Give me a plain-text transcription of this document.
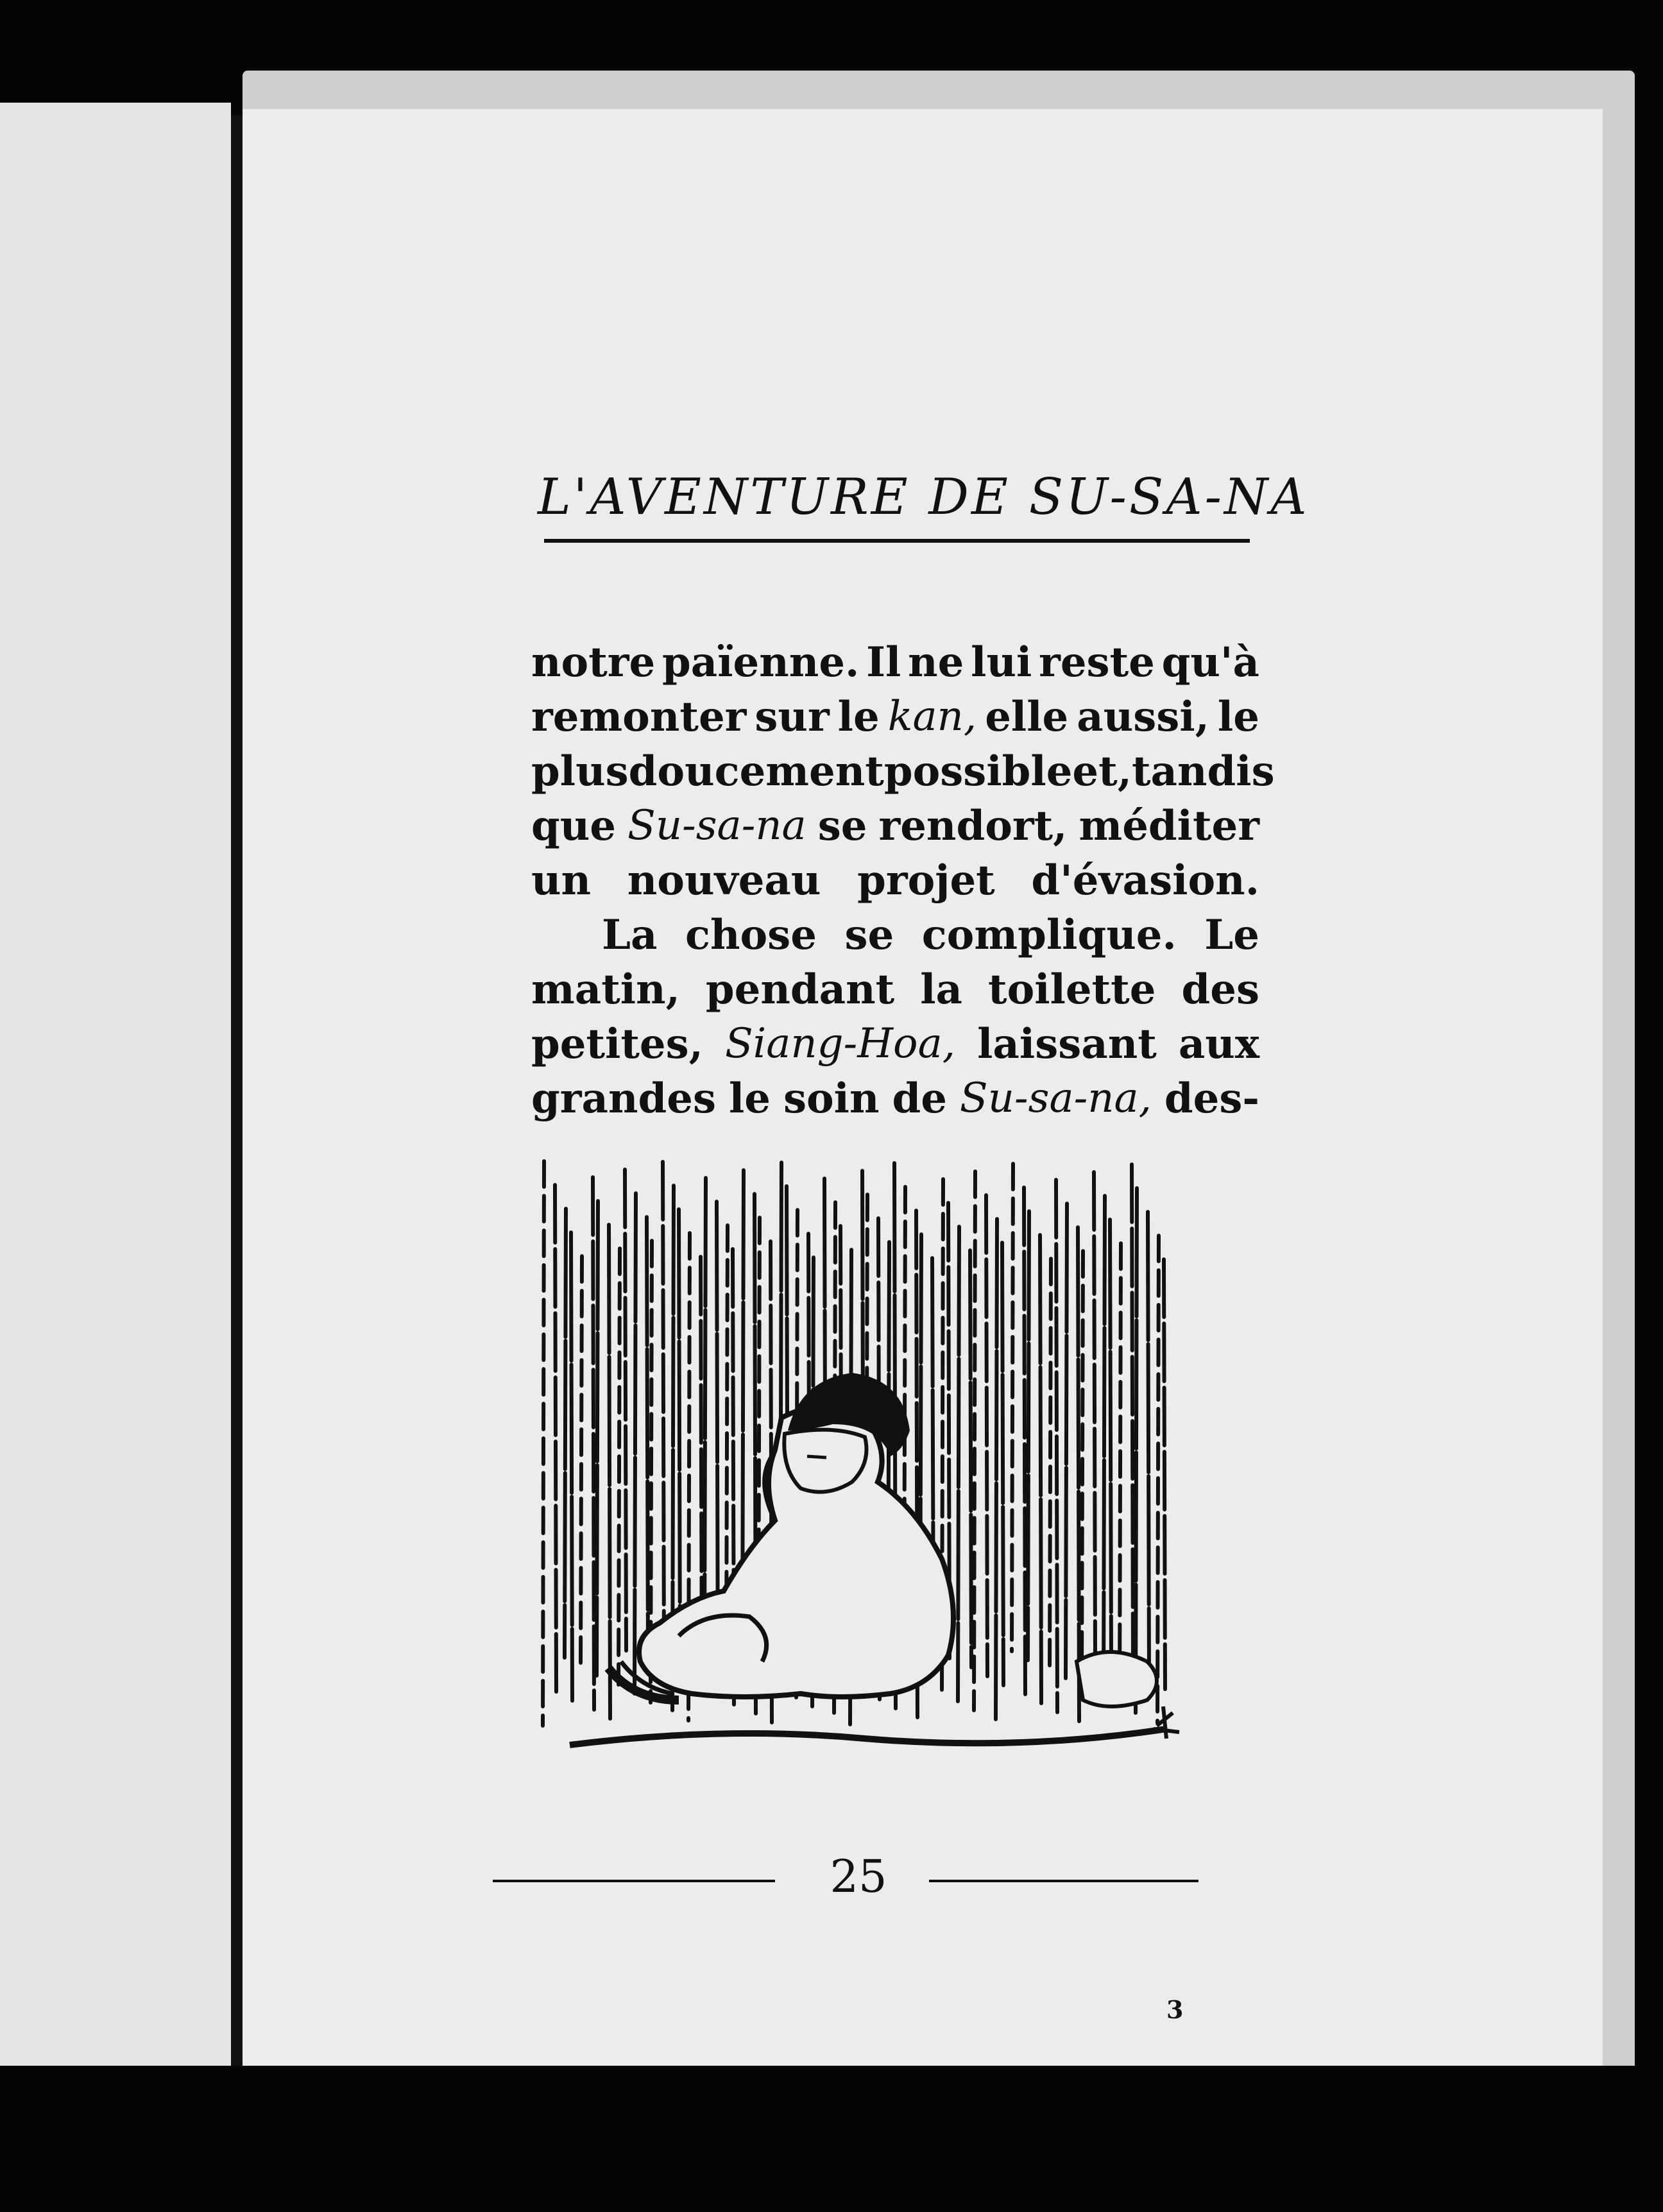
L'AVENTURE DE SU-SA-NA
notre païenne. Il ne lui reste qu'à
remonter sur le kan, elle aussi, le
plus doucement possible et, tandis
que Su-sa-na se rendort, méditer
un nouveau projet d'évasion.
La chose se complique. Le
matin, pendant la toilette des
petites, Siang-Hoa, laissant aux
grandes le soin de Su-sa-na, des-
25
3
